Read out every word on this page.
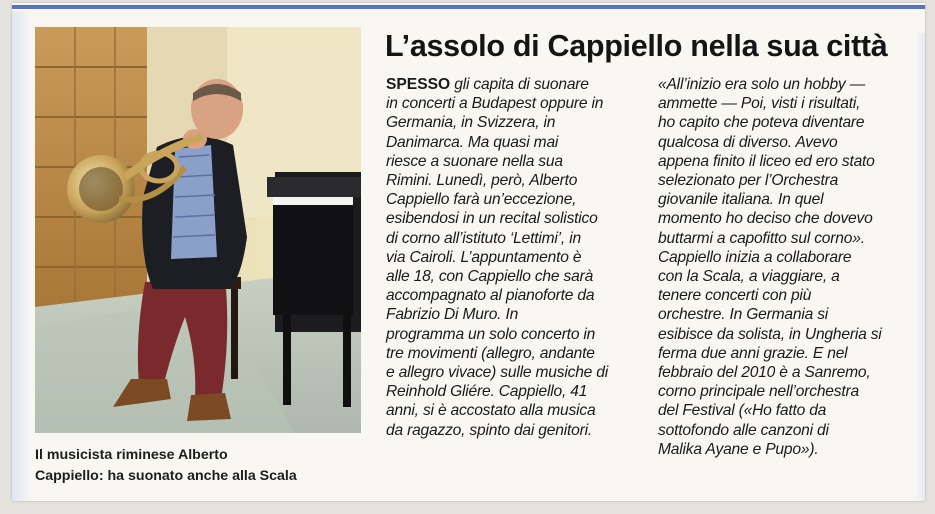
Il musicista riminese Alberto
Cappiello: ha suonato anche alla Scala
L’assolo di Cappiello nella sua città
SPESSO gli capita di suonare
in concerti a Budapest oppure in
Germania, in Svizzera, in
Danimarca. Ma quasi mai
riesce a suonare nella sua
Rimini. Lunedì, però, Alberto
Cappiello farà un’eccezione,
esibendosi in un recital solistico
di corno all’istituto ‘Lettimi’, in
via Cairoli. L’appuntamento è
alle 18, con Cappiello che sarà
accompagnato al pianoforte da
Fabrizio Di Muro. In
programma un solo concerto in
tre movimenti (allegro, andante
e allegro vivace) sulle musiche di
Reinhold Gliére. Cappiello, 41
anni, si è accostato alla musica
da ragazzo, spinto dai genitori.
«All’inizio era solo un hobby —
ammette — Poi, visti i risultati,
ho capito che poteva diventare
qualcosa di diverso. Avevo
appena finito il liceo ed ero stato
selezionato per l’Orchestra
giovanile italiana. In quel
momento ho deciso che dovevo
buttarmi a capofitto sul corno».
Cappiello inizia a collaborare
con la Scala, a viaggiare, a
tenere concerti con più
orchestre. In Germania si
esibisce da solista, in Ungheria si
ferma due anni grazie. E nel
febbraio del 2010 è a Sanremo,
corno principale nell’orchestra
del Festival («Ho fatto da
sottofondo alle canzoni di
Malika Ayane e Pupo»).
